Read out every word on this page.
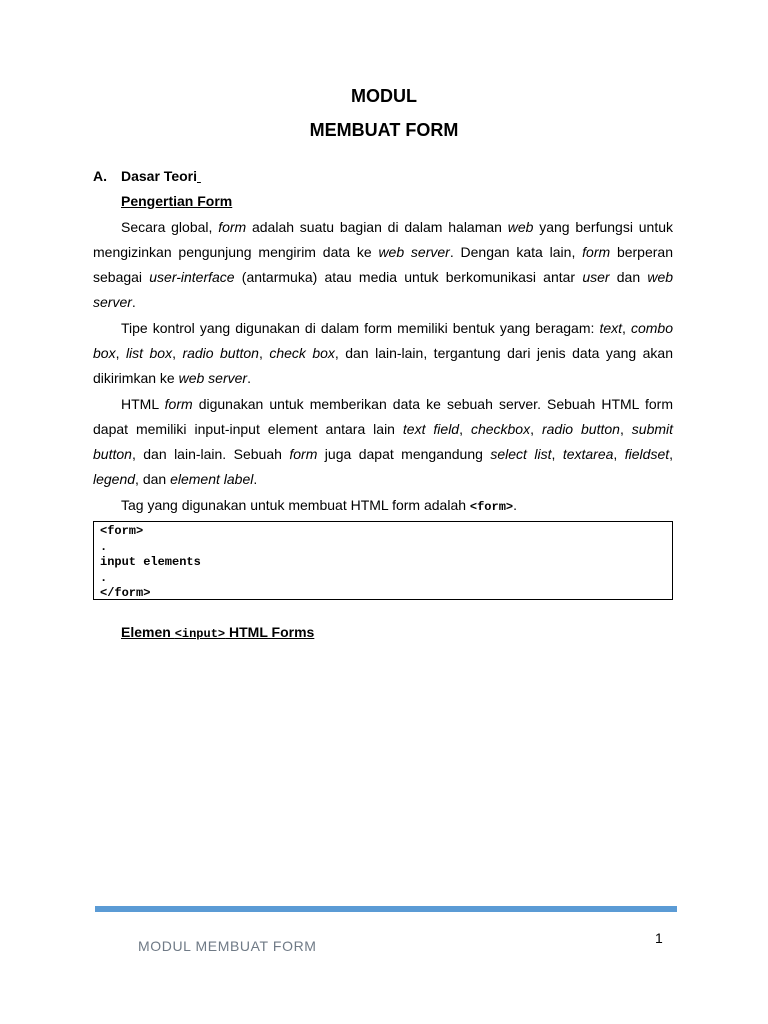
MODUL
MEMBUAT FORM
A. Dasar Teori
Pengertian Form

Secara global, form adalah suatu bagian di dalam halaman web yang berfungsi untuk mengizinkan pengunjung mengirim data ke web server. Dengan kata lain, form berperan sebagai user-interface (antarmuka) atau media untuk berkomunikasi antar user dan web server.

Tipe kontrol yang digunakan di dalam form memiliki bentuk yang beragam: text, combo box, list box, radio button, check box, dan lain-lain, tergantung dari jenis data yang akan dikirimkan ke web server.

HTML form digunakan untuk memberikan data ke sebuah server. Sebuah HTML form dapat memiliki input-input element antara lain text field, checkbox, radio button, submit button, dan lain-lain. Sebuah form juga dapat mengandung select list, textarea, fieldset, legend, dan element label.

Tag yang digunakan untuk membuat HTML form adalah <form>.

<form>
.
input elements
.
</form>
Elemen <input> HTML Forms
1
MODUL MEMBUAT FORM
